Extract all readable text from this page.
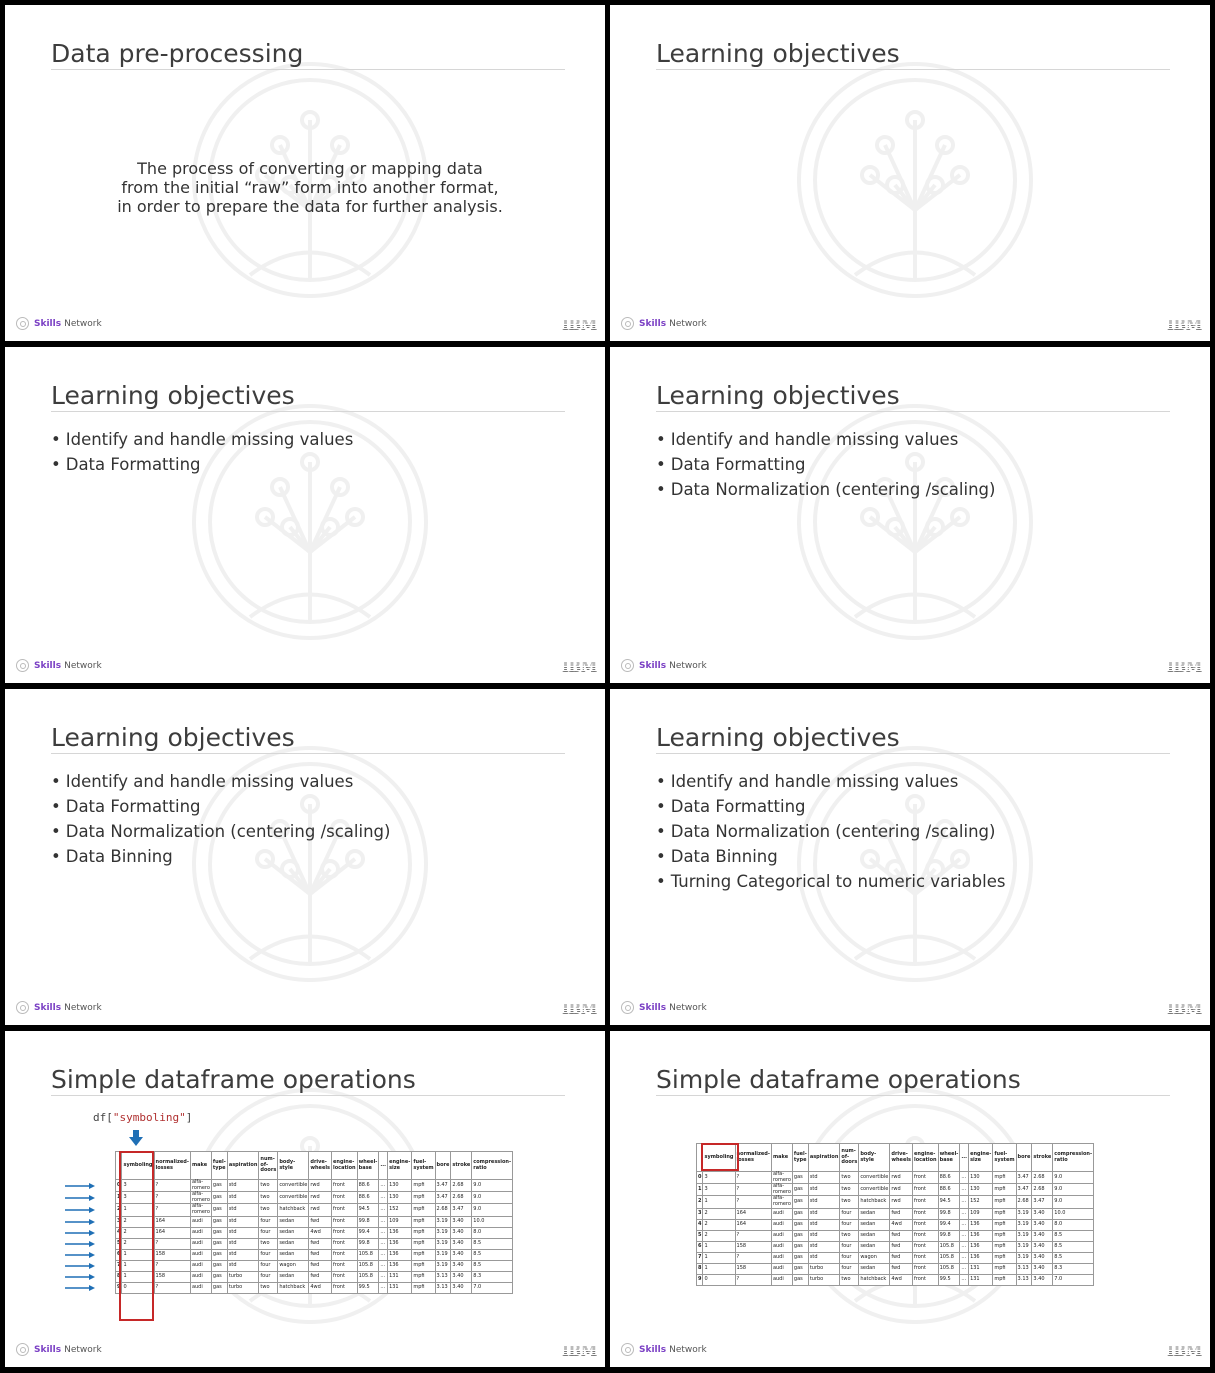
Data pre-processing
The process of converting or mapping data
from the initial “raw” form into another format,
in order to prepare the data for further analysis.
Skills Network	IBM
Learning objectives
Skills Network	IBM
Learning objectives
• Identify and handle missing values
• Data Formatting
Skills Network	IBM
Learning objectives
• Identify and handle missing values
• Data Formatting
• Data Normalization (centering /scaling)
Skills Network	IBM
Learning objectives
• Identify and handle missing values
• Data Formatting
• Data Normalization (centering /scaling)
• Data Binning
Skills Network	IBM
Learning objectives
• Identify and handle missing values
• Data Formatting
• Data Normalization (centering /scaling)
• Data Binning
• Turning Categorical to numeric variables
Skills Network	IBM
Simple dataframe operations
df["symboling"]
	symboling	normalized-losses	make	fuel-type	aspiration	num-of-doors	body-style	drive-wheels	engine-location	wheel-base	...	engine-size	fuel-system	bore	stroke	compression-ratio
0	3	?	alfa-romero	gas	std	two	convertible	rwd	front	88.6	...	130	mpfi	3.47	2.68	9.0
1	3	?	alfa-romero	gas	std	two	convertible	rwd	front	88.6	...	130	mpfi	3.47	2.68	9.0
2	1	?	alfa-romero	gas	std	two	hatchback	rwd	front	94.5	...	152	mpfi	2.68	3.47	9.0
3	2	164	audi	gas	std	four	sedan	fwd	front	99.8	...	109	mpfi	3.19	3.40	10.0
4	2	164	audi	gas	std	four	sedan	4wd	front	99.4	...	136	mpfi	3.19	3.40	8.0
5	2	?	audi	gas	std	two	sedan	fwd	front	99.8	...	136	mpfi	3.19	3.40	8.5
6	1	158	audi	gas	std	four	sedan	fwd	front	105.8	...	136	mpfi	3.19	3.40	8.5
7	1	?	audi	gas	std	four	wagon	fwd	front	105.8	...	136	mpfi	3.19	3.40	8.5
8	1	158	audi	gas	turbo	four	sedan	fwd	front	105.8	...	131	mpfi	3.13	3.40	8.3
9	0	?	audi	gas	turbo	two	hatchback	4wd	front	99.5	...	131	mpfi	3.13	3.40	7.0
Skills Network	IBM
Simple dataframe operations
	symboling	normalized-losses	make	fuel-type	aspiration	num-of-doors	body-style	drive-wheels	engine-location	wheel-base	...	engine-size	fuel-system	bore	stroke	compression-ratio
0	3	?	alfa-romero	gas	std	two	convertible	rwd	front	88.6	...	130	mpfi	3.47	2.68	9.0
1	3	?	alfa-romero	gas	std	two	convertible	rwd	front	88.6	...	130	mpfi	3.47	2.68	9.0
2	1	?	alfa-romero	gas	std	two	hatchback	rwd	front	94.5	...	152	mpfi	2.68	3.47	9.0
3	2	164	audi	gas	std	four	sedan	fwd	front	99.8	...	109	mpfi	3.19	3.40	10.0
4	2	164	audi	gas	std	four	sedan	4wd	front	99.4	...	136	mpfi	3.19	3.40	8.0
5	2	?	audi	gas	std	two	sedan	fwd	front	99.8	...	136	mpfi	3.19	3.40	8.5
6	1	158	audi	gas	std	four	sedan	fwd	front	105.8	...	136	mpfi	3.19	3.40	8.5
7	1	?	audi	gas	std	four	wagon	fwd	front	105.8	...	136	mpfi	3.19	3.40	8.5
8	1	158	audi	gas	turbo	four	sedan	fwd	front	105.8	...	131	mpfi	3.13	3.40	8.3
9	0	?	audi	gas	turbo	two	hatchback	4wd	front	99.5	...	131	mpfi	3.13	3.40	7.0
Skills Network	IBM
